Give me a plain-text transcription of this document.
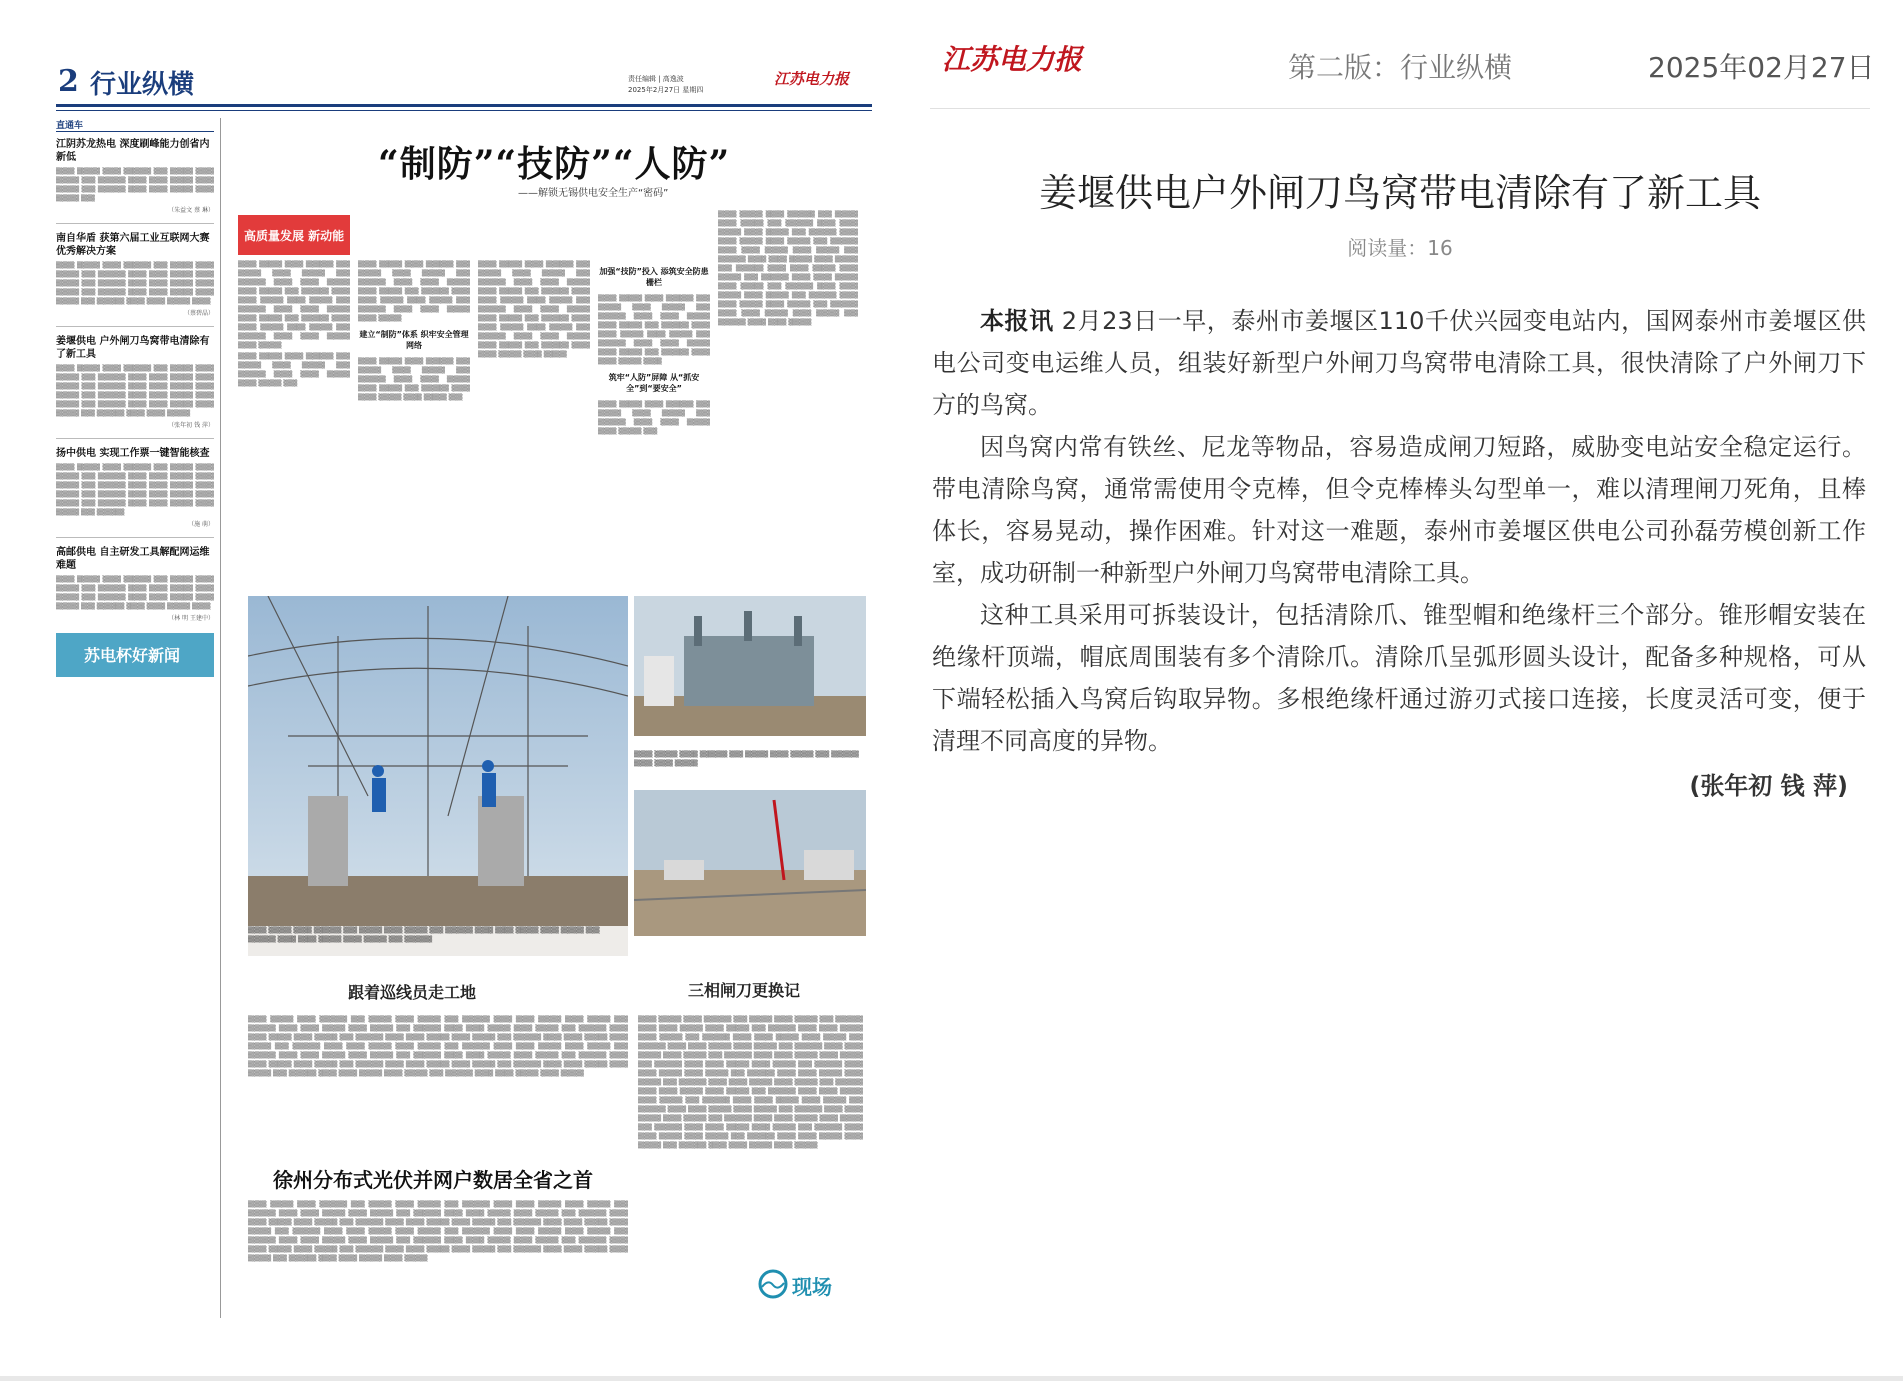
2 行业纵横	责任编辑 | 高逸波
2025年2月27日 星期四
江苏电力报
直通车
江阴苏龙热电 深度刷峰能力创省内新低
▒▒▒▒ ▒▒▒▒▒ ▒▒▒▒ ▒▒▒▒▒▒ ▒▒▒ ▒▒▒▒▒ ▒▒▒▒ ▒▒▒▒▒ ▒▒▒ ▒▒▒▒▒▒ ▒▒▒▒ ▒▒▒▒ ▒▒▒▒▒ ▒▒▒▒ ▒▒▒▒▒ ▒▒▒ ▒▒▒▒▒▒ ▒▒▒▒ ▒▒▒▒ ▒▒▒▒▒ ▒▒▒▒ ▒▒▒▒▒ ▒▒▒
（朱益文 蔡 琳）
南自华盾 获第六届工业互联网大赛优秀解决方案
▒▒▒▒ ▒▒▒▒▒ ▒▒▒▒ ▒▒▒▒▒▒ ▒▒▒ ▒▒▒▒▒ ▒▒▒▒ ▒▒▒▒▒ ▒▒▒ ▒▒▒▒▒▒ ▒▒▒▒ ▒▒▒▒ ▒▒▒▒▒ ▒▒▒▒ ▒▒▒▒▒ ▒▒▒ ▒▒▒▒▒▒ ▒▒▒▒ ▒▒▒▒ ▒▒▒▒▒ ▒▒▒▒ ▒▒▒▒▒ ▒▒▒ ▒▒▒▒▒▒ ▒▒▒▒ ▒▒▒▒ ▒▒▒▒▒ ▒▒▒▒ ▒▒▒▒▒ ▒▒▒ ▒▒▒▒▒▒ ▒▒▒▒ ▒▒▒▒ ▒▒▒▒▒ ▒▒▒▒
（蔡碧晶）
姜堰供电 户外闸刀鸟窝带电清除有了新工具
▒▒▒▒ ▒▒▒▒▒ ▒▒▒▒ ▒▒▒▒▒▒ ▒▒▒ ▒▒▒▒▒ ▒▒▒▒ ▒▒▒▒▒ ▒▒▒ ▒▒▒▒▒▒ ▒▒▒▒ ▒▒▒▒ ▒▒▒▒▒ ▒▒▒▒ ▒▒▒▒▒ ▒▒▒ ▒▒▒▒▒▒ ▒▒▒▒ ▒▒▒▒ ▒▒▒▒▒ ▒▒▒▒ ▒▒▒▒▒ ▒▒▒ ▒▒▒▒▒▒ ▒▒▒▒ ▒▒▒▒ ▒▒▒▒▒ ▒▒▒▒ ▒▒▒▒▒ ▒▒▒ ▒▒▒▒▒▒ ▒▒▒▒ ▒▒▒▒ ▒▒▒▒▒ ▒▒▒▒ ▒▒▒▒▒ ▒▒▒ ▒▒▒▒▒▒ ▒▒▒▒ ▒▒▒▒ ▒▒▒▒▒
（张年初 钱 萍）
扬中供电 实现工作票一键智能核查
▒▒▒▒ ▒▒▒▒▒ ▒▒▒▒ ▒▒▒▒▒▒ ▒▒▒ ▒▒▒▒▒ ▒▒▒▒ ▒▒▒▒▒ ▒▒▒ ▒▒▒▒▒▒ ▒▒▒▒ ▒▒▒▒ ▒▒▒▒▒ ▒▒▒▒ ▒▒▒▒▒ ▒▒▒ ▒▒▒▒▒▒ ▒▒▒▒ ▒▒▒▒ ▒▒▒▒▒ ▒▒▒▒ ▒▒▒▒▒ ▒▒▒ ▒▒▒▒▒▒ ▒▒▒▒ ▒▒▒▒ ▒▒▒▒▒ ▒▒▒▒ ▒▒▒▒▒ ▒▒▒ ▒▒▒▒▒▒ ▒▒▒▒ ▒▒▒▒ ▒▒▒▒▒ ▒▒▒▒ ▒▒▒▒▒ ▒▒▒ ▒▒▒▒▒▒
（施 萌）
高邮供电 自主研发工具解配网运维难题
▒▒▒▒ ▒▒▒▒▒ ▒▒▒▒ ▒▒▒▒▒▒ ▒▒▒ ▒▒▒▒▒ ▒▒▒▒ ▒▒▒▒▒ ▒▒▒ ▒▒▒▒▒▒ ▒▒▒▒ ▒▒▒▒ ▒▒▒▒▒ ▒▒▒▒ ▒▒▒▒▒ ▒▒▒ ▒▒▒▒▒▒ ▒▒▒▒ ▒▒▒▒ ▒▒▒▒▒ ▒▒▒▒ ▒▒▒▒▒ ▒▒▒ ▒▒▒▒▒▒ ▒▒▒▒ ▒▒▒▒ ▒▒▒▒▒ ▒▒▒▒
（林 明 王建中）
苏电杯好新闻
“制防”“技防”“人防”
——解锁无锡供电安全生产“密码”
高质量发展 新动能

▒▒▒▒ ▒▒▒▒▒ ▒▒▒▒ ▒▒▒▒▒▒ ▒▒▒ ▒▒▒▒▒ ▒▒▒▒ ▒▒▒▒▒ ▒▒▒ ▒▒▒▒▒▒ ▒▒▒▒ ▒▒▒▒ ▒▒▒▒▒ ▒▒▒▒ ▒▒▒▒▒ ▒▒▒ ▒▒▒▒▒▒ ▒▒▒▒ ▒▒▒▒ ▒▒▒▒▒ ▒▒▒▒ ▒▒▒▒▒ ▒▒▒ ▒▒▒▒▒▒ ▒▒▒▒ ▒▒▒▒ ▒▒▒▒▒ ▒▒▒▒ ▒▒▒▒▒ ▒▒▒ ▒▒▒▒▒▒ ▒▒▒▒ ▒▒▒▒ ▒▒▒▒▒ ▒▒▒▒ ▒▒▒▒▒ ▒▒▒ ▒▒▒▒▒▒ ▒▒▒▒ ▒▒▒▒ ▒▒▒▒▒ ▒▒▒▒ ▒▒▒▒▒

▒▒▒▒ ▒▒▒▒▒ ▒▒▒▒ ▒▒▒▒▒▒ ▒▒▒ ▒▒▒▒▒ ▒▒▒▒ ▒▒▒▒▒ ▒▒▒ ▒▒▒▒▒▒ ▒▒▒▒ ▒▒▒▒ ▒▒▒▒▒ ▒▒▒▒ ▒▒▒▒▒ ▒▒▒

▒▒▒▒ ▒▒▒▒▒ ▒▒▒▒ ▒▒▒▒▒▒ ▒▒▒ ▒▒▒▒▒ ▒▒▒▒ ▒▒▒▒▒ ▒▒▒ ▒▒▒▒▒▒ ▒▒▒▒ ▒▒▒▒ ▒▒▒▒▒ ▒▒▒▒ ▒▒▒▒▒ ▒▒▒ ▒▒▒▒▒▒ ▒▒▒▒ ▒▒▒▒ ▒▒▒▒▒ ▒▒▒▒ ▒▒▒▒▒ ▒▒▒ ▒▒▒▒▒▒ ▒▒▒▒ ▒▒▒▒ ▒▒▒▒▒ ▒▒▒▒ ▒▒▒▒▒

建立“制防”体系 织牢安全管理网络

▒▒▒▒ ▒▒▒▒▒ ▒▒▒▒ ▒▒▒▒▒▒ ▒▒▒ ▒▒▒▒▒ ▒▒▒▒ ▒▒▒▒▒ ▒▒▒ ▒▒▒▒▒▒ ▒▒▒▒ ▒▒▒▒ ▒▒▒▒▒ ▒▒▒▒ ▒▒▒▒▒ ▒▒▒ ▒▒▒▒▒▒ ▒▒▒▒ ▒▒▒▒ ▒▒▒▒▒ ▒▒▒▒ ▒▒▒▒▒ ▒▒▒

▒▒▒▒ ▒▒▒▒▒ ▒▒▒▒ ▒▒▒▒▒▒ ▒▒▒ ▒▒▒▒▒ ▒▒▒▒ ▒▒▒▒▒ ▒▒▒ ▒▒▒▒▒▒ ▒▒▒▒ ▒▒▒▒ ▒▒▒▒▒ ▒▒▒▒ ▒▒▒▒▒ ▒▒▒ ▒▒▒▒▒▒ ▒▒▒▒ ▒▒▒▒ ▒▒▒▒▒ ▒▒▒▒ ▒▒▒▒▒ ▒▒▒ ▒▒▒▒▒▒ ▒▒▒▒ ▒▒▒▒ ▒▒▒▒▒ ▒▒▒▒ ▒▒▒▒▒ ▒▒▒ ▒▒▒▒▒▒ ▒▒▒▒ ▒▒▒▒ ▒▒▒▒▒ ▒▒▒▒ ▒▒▒▒▒ ▒▒▒ ▒▒▒▒▒▒ ▒▒▒▒ ▒▒▒▒ ▒▒▒▒▒ ▒▒▒▒ ▒▒▒▒▒ ▒▒▒ ▒▒▒▒▒▒ ▒▒▒▒ ▒▒▒▒ ▒▒▒▒▒ ▒▒▒▒ ▒▒▒▒▒

加强“技防”投入 添筑安全防患栅栏

▒▒▒▒ ▒▒▒▒▒ ▒▒▒▒ ▒▒▒▒▒▒ ▒▒▒ ▒▒▒▒▒ ▒▒▒▒ ▒▒▒▒▒ ▒▒▒ ▒▒▒▒▒▒ ▒▒▒▒ ▒▒▒▒ ▒▒▒▒▒ ▒▒▒▒ ▒▒▒▒▒ ▒▒▒ ▒▒▒▒▒▒ ▒▒▒▒ ▒▒▒▒ ▒▒▒▒▒ ▒▒▒▒ ▒▒▒▒▒ ▒▒▒ ▒▒▒▒▒▒ ▒▒▒▒ ▒▒▒▒ ▒▒▒▒▒ ▒▒▒▒ ▒▒▒▒▒ ▒▒▒ ▒▒▒▒▒▒ ▒▒▒▒ ▒▒▒▒ ▒▒▒▒▒ ▒▒▒▒

筑牢“人防”屏障 从“抓安全”到“要安全”

▒▒▒▒ ▒▒▒▒▒ ▒▒▒▒ ▒▒▒▒▒▒ ▒▒▒ ▒▒▒▒▒ ▒▒▒▒ ▒▒▒▒▒ ▒▒▒ ▒▒▒▒▒▒ ▒▒▒▒ ▒▒▒▒ ▒▒▒▒▒ ▒▒▒▒ ▒▒▒▒▒ ▒▒▒

▒▒▒▒ ▒▒▒▒▒ ▒▒▒▒ ▒▒▒▒▒▒ ▒▒▒ ▒▒▒▒▒ ▒▒▒▒ ▒▒▒▒▒ ▒▒▒ ▒▒▒▒▒▒ ▒▒▒▒ ▒▒▒▒ ▒▒▒▒▒ ▒▒▒▒ ▒▒▒▒▒ ▒▒▒ ▒▒▒▒▒▒ ▒▒▒▒ ▒▒▒▒ ▒▒▒▒▒ ▒▒▒▒ ▒▒▒▒▒ ▒▒▒ ▒▒▒▒▒▒ ▒▒▒▒ ▒▒▒▒ ▒▒▒▒▒ ▒▒▒▒ ▒▒▒▒▒ ▒▒▒ ▒▒▒▒▒▒ ▒▒▒▒ ▒▒▒▒ ▒▒▒▒▒ ▒▒▒▒ ▒▒▒▒▒ ▒▒▒ ▒▒▒▒▒▒ ▒▒▒▒ ▒▒▒▒ ▒▒▒▒▒ ▒▒▒▒ ▒▒▒▒▒ ▒▒▒ ▒▒▒▒▒▒ ▒▒▒▒ ▒▒▒▒ ▒▒▒▒▒ ▒▒▒▒ ▒▒▒▒▒ ▒▒▒ ▒▒▒▒▒▒ ▒▒▒▒ ▒▒▒▒ ▒▒▒▒▒ ▒▒▒▒ ▒▒▒▒▒ ▒▒▒ ▒▒▒▒▒▒ ▒▒▒▒ ▒▒▒▒ ▒▒▒▒▒ ▒▒▒▒ ▒▒▒▒▒ ▒▒▒ ▒▒▒▒▒▒ ▒▒▒▒ ▒▒▒▒ ▒▒▒▒▒ ▒▒▒▒ ▒▒▒▒▒ ▒▒▒ ▒▒▒▒▒▒ ▒▒▒▒ ▒▒▒▒ ▒▒▒▒▒

▒▒▒▒ ▒▒▒▒▒ ▒▒▒▒ ▒▒▒▒▒▒ ▒▒▒ ▒▒▒▒▒ ▒▒▒▒ ▒▒▒▒▒ ▒▒▒ ▒▒▒▒▒▒ ▒▒▒▒ ▒▒▒▒ ▒▒▒▒▒ ▒▒▒▒ ▒▒▒▒▒ ▒▒▒ ▒▒▒▒▒▒ ▒▒▒▒ ▒▒▒▒ ▒▒▒▒▒ ▒▒▒▒ ▒▒▒▒▒ ▒▒▒ ▒▒▒▒▒▒
▒▒▒▒ ▒▒▒▒▒ ▒▒▒▒ ▒▒▒▒▒▒ ▒▒▒ ▒▒▒▒▒ ▒▒▒▒ ▒▒▒▒▒ ▒▒▒ ▒▒▒▒▒▒ ▒▒▒▒ ▒▒▒▒ ▒▒▒▒▒
跟着巡线员走工地	三相闸刀更换记

▒▒▒▒ ▒▒▒▒▒ ▒▒▒▒ ▒▒▒▒▒▒ ▒▒▒ ▒▒▒▒▒ ▒▒▒▒ ▒▒▒▒▒ ▒▒▒ ▒▒▒▒▒▒ ▒▒▒▒ ▒▒▒▒ ▒▒▒▒▒ ▒▒▒▒ ▒▒▒▒▒ ▒▒▒ ▒▒▒▒▒▒ ▒▒▒▒ ▒▒▒▒ ▒▒▒▒▒ ▒▒▒▒ ▒▒▒▒▒ ▒▒▒ ▒▒▒▒▒▒ ▒▒▒▒ ▒▒▒▒ ▒▒▒▒▒ ▒▒▒▒ ▒▒▒▒▒ ▒▒▒ ▒▒▒▒▒▒ ▒▒▒▒ ▒▒▒▒ ▒▒▒▒▒ ▒▒▒▒ ▒▒▒▒▒ ▒▒▒ ▒▒▒▒▒▒ ▒▒▒▒ ▒▒▒▒ ▒▒▒▒▒ ▒▒▒▒ ▒▒▒▒▒ ▒▒▒ ▒▒▒▒▒▒ ▒▒▒▒ ▒▒▒▒ ▒▒▒▒▒ ▒▒▒▒ ▒▒▒▒▒ ▒▒▒ ▒▒▒▒▒▒ ▒▒▒▒ ▒▒▒▒ ▒▒▒▒▒ ▒▒▒▒ ▒▒▒▒▒ ▒▒▒ ▒▒▒▒▒▒ ▒▒▒▒ ▒▒▒▒ ▒▒▒▒▒ ▒▒▒▒ ▒▒▒▒▒ ▒▒▒ ▒▒▒▒▒▒ ▒▒▒▒ ▒▒▒▒ ▒▒▒▒▒ ▒▒▒▒ ▒▒▒▒▒ ▒▒▒ ▒▒▒▒▒▒ ▒▒▒▒ ▒▒▒▒ ▒▒▒▒▒ ▒▒▒▒ ▒▒▒▒▒ ▒▒▒ ▒▒▒▒▒▒ ▒▒▒▒ ▒▒▒▒ ▒▒▒▒▒ ▒▒▒▒ ▒▒▒▒▒ ▒▒▒ ▒▒▒▒▒▒ ▒▒▒▒ ▒▒▒▒ ▒▒▒▒▒ ▒▒▒▒ ▒▒▒▒▒ ▒▒▒ ▒▒▒▒▒▒ ▒▒▒▒ ▒▒▒▒ ▒▒▒▒▒ ▒▒▒▒ ▒▒▒▒▒ ▒▒▒ ▒▒▒▒▒▒ ▒▒▒▒ ▒▒▒▒ ▒▒▒▒▒ ▒▒▒▒ ▒▒▒▒▒ ▒▒▒ ▒▒▒▒▒▒ ▒▒▒▒ ▒▒▒▒ ▒▒▒▒▒ ▒▒▒▒ ▒▒▒▒▒

▒▒▒▒ ▒▒▒▒▒ ▒▒▒▒ ▒▒▒▒▒▒ ▒▒▒ ▒▒▒▒▒ ▒▒▒▒ ▒▒▒▒▒ ▒▒▒ ▒▒▒▒▒▒ ▒▒▒▒ ▒▒▒▒ ▒▒▒▒▒ ▒▒▒▒ ▒▒▒▒▒ ▒▒▒ ▒▒▒▒▒▒ ▒▒▒▒ ▒▒▒▒ ▒▒▒▒▒ ▒▒▒▒ ▒▒▒▒▒ ▒▒▒ ▒▒▒▒▒▒ ▒▒▒▒ ▒▒▒▒ ▒▒▒▒▒ ▒▒▒▒ ▒▒▒▒▒ ▒▒▒ ▒▒▒▒▒▒ ▒▒▒▒ ▒▒▒▒ ▒▒▒▒▒ ▒▒▒▒ ▒▒▒▒▒ ▒▒▒ ▒▒▒▒▒▒ ▒▒▒▒ ▒▒▒▒ ▒▒▒▒▒ ▒▒▒▒ ▒▒▒▒▒ ▒▒▒ ▒▒▒▒▒▒ ▒▒▒▒ ▒▒▒▒ ▒▒▒▒▒ ▒▒▒▒ ▒▒▒▒▒ ▒▒▒ ▒▒▒▒▒▒ ▒▒▒▒ ▒▒▒▒ ▒▒▒▒▒ ▒▒▒▒ ▒▒▒▒▒ ▒▒▒ ▒▒▒▒▒▒ ▒▒▒▒ ▒▒▒▒ ▒▒▒▒▒ ▒▒▒▒ ▒▒▒▒▒ ▒▒▒ ▒▒▒▒▒▒ ▒▒▒▒ ▒▒▒▒ ▒▒▒▒▒ ▒▒▒▒ ▒▒▒▒▒ ▒▒▒ ▒▒▒▒▒▒ ▒▒▒▒ ▒▒▒▒ ▒▒▒▒▒ ▒▒▒▒ ▒▒▒▒▒ ▒▒▒ ▒▒▒▒▒▒ ▒▒▒▒ ▒▒▒▒ ▒▒▒▒▒ ▒▒▒▒ ▒▒▒▒▒ ▒▒▒ ▒▒▒▒▒▒ ▒▒▒▒ ▒▒▒▒ ▒▒▒▒▒ ▒▒▒▒ ▒▒▒▒▒ ▒▒▒ ▒▒▒▒▒▒ ▒▒▒▒ ▒▒▒▒ ▒▒▒▒▒ ▒▒▒▒ ▒▒▒▒▒ ▒▒▒ ▒▒▒▒▒▒ ▒▒▒▒ ▒▒▒▒ ▒▒▒▒▒ ▒▒▒▒ ▒▒▒▒▒ ▒▒▒ ▒▒▒▒▒▒ ▒▒▒▒ ▒▒▒▒ ▒▒▒▒▒ ▒▒▒▒ ▒▒▒▒▒ ▒▒▒ ▒▒▒▒▒▒ ▒▒▒▒ ▒▒▒▒ ▒▒▒▒▒ ▒▒▒▒ ▒▒▒▒▒ ▒▒▒ ▒▒▒▒▒▒ ▒▒▒▒ ▒▒▒▒ ▒▒▒▒▒ ▒▒▒▒ ▒▒▒▒▒ ▒▒▒ ▒▒▒▒▒▒ ▒▒▒▒ ▒▒▒▒ ▒▒▒▒▒ ▒▒▒▒ ▒▒▒▒▒ ▒▒▒ ▒▒▒▒▒▒ ▒▒▒▒ ▒▒▒▒ ▒▒▒▒▒ ▒▒▒▒ ▒▒▒▒▒ ▒▒▒ ▒▒▒▒▒▒ ▒▒▒▒ ▒▒▒▒ ▒▒▒▒▒ ▒▒▒▒ ▒▒▒▒▒

徐州分布式光伏并网户数居全省之首

▒▒▒▒ ▒▒▒▒▒ ▒▒▒▒ ▒▒▒▒▒▒ ▒▒▒ ▒▒▒▒▒ ▒▒▒▒ ▒▒▒▒▒ ▒▒▒ ▒▒▒▒▒▒ ▒▒▒▒ ▒▒▒▒ ▒▒▒▒▒ ▒▒▒▒ ▒▒▒▒▒ ▒▒▒ ▒▒▒▒▒▒ ▒▒▒▒ ▒▒▒▒ ▒▒▒▒▒ ▒▒▒▒ ▒▒▒▒▒ ▒▒▒ ▒▒▒▒▒▒ ▒▒▒▒ ▒▒▒▒ ▒▒▒▒▒ ▒▒▒▒ ▒▒▒▒▒ ▒▒▒ ▒▒▒▒▒▒ ▒▒▒▒ ▒▒▒▒ ▒▒▒▒▒ ▒▒▒▒ ▒▒▒▒▒ ▒▒▒ ▒▒▒▒▒▒ ▒▒▒▒ ▒▒▒▒ ▒▒▒▒▒ ▒▒▒▒ ▒▒▒▒▒ ▒▒▒ ▒▒▒▒▒▒ ▒▒▒▒ ▒▒▒▒ ▒▒▒▒▒ ▒▒▒▒ ▒▒▒▒▒ ▒▒▒ ▒▒▒▒▒▒ ▒▒▒▒ ▒▒▒▒ ▒▒▒▒▒ ▒▒▒▒ ▒▒▒▒▒ ▒▒▒ ▒▒▒▒▒▒ ▒▒▒▒ ▒▒▒▒ ▒▒▒▒▒ ▒▒▒▒ ▒▒▒▒▒ ▒▒▒ ▒▒▒▒▒▒ ▒▒▒▒ ▒▒▒▒ ▒▒▒▒▒ ▒▒▒▒ ▒▒▒▒▒ ▒▒▒ ▒▒▒▒▒▒ ▒▒▒▒ ▒▒▒▒ ▒▒▒▒▒ ▒▒▒▒ ▒▒▒▒▒ ▒▒▒ ▒▒▒▒▒▒ ▒▒▒▒ ▒▒▒▒ ▒▒▒▒▒ ▒▒▒▒ ▒▒▒▒▒ ▒▒▒ ▒▒▒▒▒▒ ▒▒▒▒ ▒▒▒▒ ▒▒▒▒▒ ▒▒▒▒ ▒▒▒▒▒ ▒▒▒ ▒▒▒▒▒▒ ▒▒▒▒ ▒▒▒▒ ▒▒▒▒▒ ▒▒▒▒ ▒▒▒▒▒ ▒▒▒ ▒▒▒▒▒▒ ▒▒▒▒ ▒▒▒▒ ▒▒▒▒▒ ▒▒▒▒ ▒▒▒▒▒

现场
江苏电力报	第二版：行业纵横	2025年02月27日
姜堰供电户外闸刀鸟窝带电清除有了新工具
阅读量：16

本报讯 2月23日一早，泰州市姜堰区110千伏兴园变电站内，国网泰州市姜堰区供电公司变电运维人员，组装好新型户外闸刀鸟窝带电清除工具，很快清除了户外闸刀下方的鸟窝。

因鸟窝内常有铁丝、尼龙等物品，容易造成闸刀短路，威胁变电站安全稳定运行。带电清除鸟窝，通常需使用令克棒，但令克棒棒头勾型单一，难以清理闸刀死角，且棒体长，容易晃动，操作困难。针对这一难题，泰州市姜堰区供电公司孙磊劳模创新工作室，成功研制一种新型户外闸刀鸟窝带电清除工具。

这种工具采用可拆装设计，包括清除爪、锥型帽和绝缘杆三个部分。锥形帽安装在绝缘杆顶端，帽底周围装有多个清除爪。清除爪呈弧形圆头设计，配备多种规格，可从下端轻松插入鸟窝后钩取异物。多根绝缘杆通过游刃式接口连接，长度灵活可变，便于清理不同高度的异物。

(张年初 钱 萍)
